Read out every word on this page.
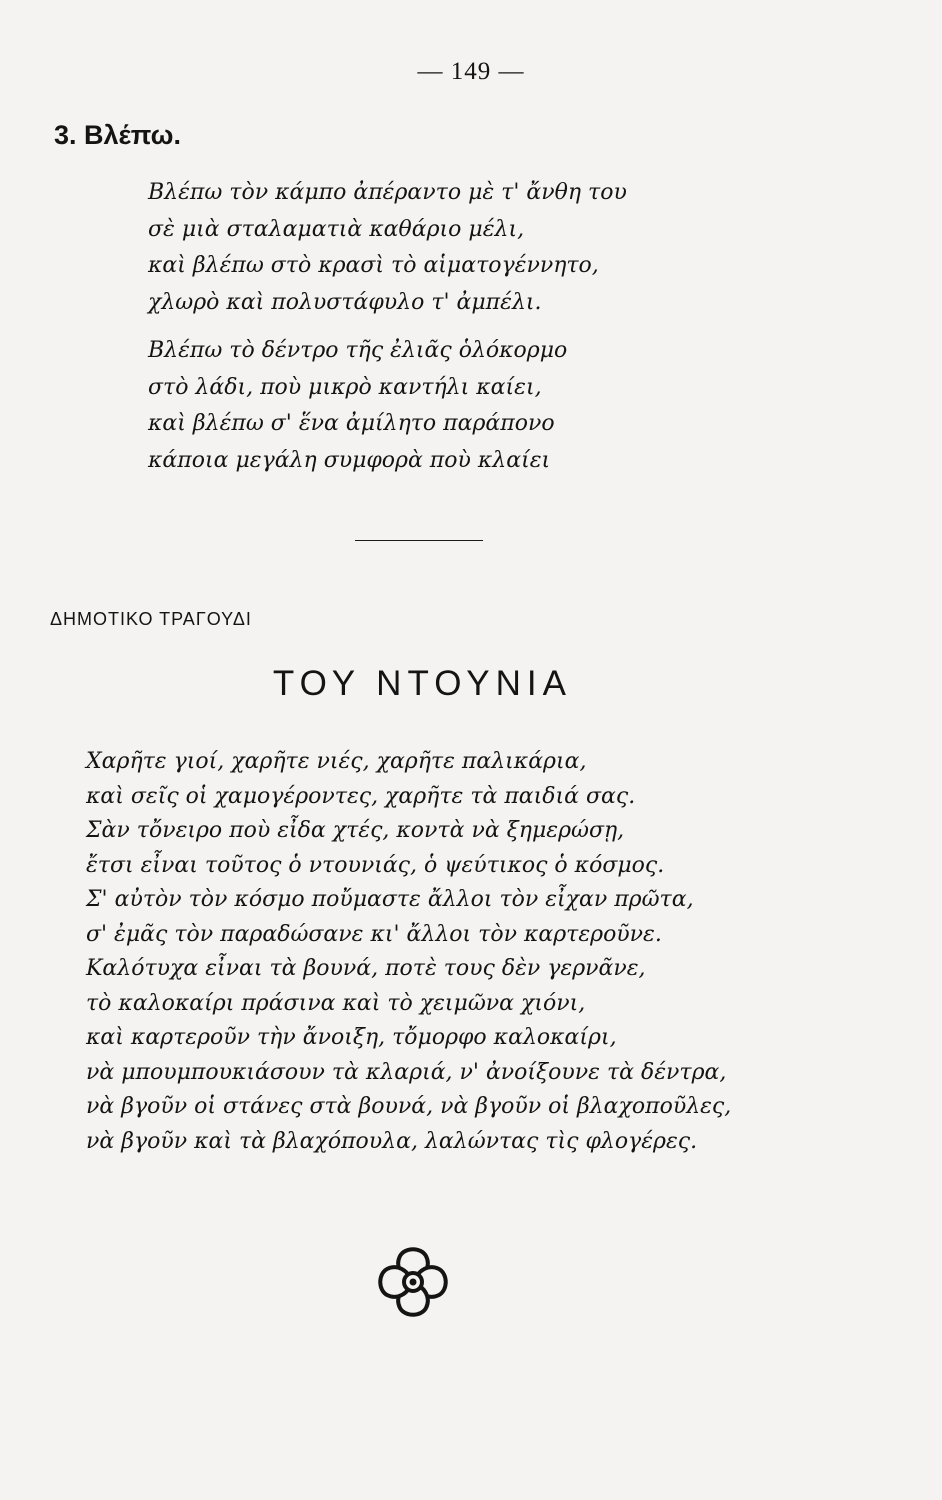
— 149 —
3. Βλέπω.
Βλέπω τὸν κάμπο ἀπέραντο μὲ τ' ἄνθη του
σὲ μιὰ σταλαματιὰ καθάριο μέλι,
καὶ βλέπω στὸ κρασὶ τὸ αἱματογέννητο,
χλωρὸ καὶ πολυστάφυλο τ' ἀμπέλι.
Βλέπω τὸ δέντρο τῆς ἐλιᾶς ὁλόκορμο
στὸ λάδι, ποὺ μικρὸ καντήλι καίει,
καὶ βλέπω σ' ἕνα ἀμίλητο παράπονο
κάποια μεγάλη συμφορὰ ποὺ κλαίει
ΔΗΜΟΤΙΚΟ ΤΡΑΓΟΥΔΙ
ΤΟΥ ΝΤΟΥΝΙΑ
Χαρῆτε γιοί, χαρῆτε νιές, χαρῆτε παλικάρια,
καὶ σεῖς οἱ χαμογέροντες, χαρῆτε τὰ παιδιά σας.
Σὰν τὄνειρο ποὺ εἶδα χτές, κοντὰ νὰ ξημερώσῃ,
ἔτσι εἶναι τοῦτος ὁ ντουνιάς, ὁ ψεύτικος ὁ κόσμος.
Σ' αὐτὸν τὸν κόσμο ποὔμαστε ἄλλοι τὸν εἶχαν πρῶτα,
σ' ἐμᾶς τὸν παραδώσανε κι' ἄλλοι τὸν καρτεροῦνε.
Καλότυχα εἶναι τὰ βουνά, ποτὲ τους δὲν γερνᾶνε,
τὸ καλοκαίρι πράσινα καὶ τὸ χειμῶνα χιόνι,
καὶ καρτεροῦν τὴν ἄνοιξη, τὄμορφο καλοκαίρι,
νὰ μπουμπουκιάσουν τὰ κλαριά, ν' ἀνοίξουνε τὰ δέντρα,
νὰ βγοῦν οἱ στάνες στὰ βουνά, νὰ βγοῦν οἱ βλαχοποῦλες,
νὰ βγοῦν καὶ τὰ βλαχόπουλα, λαλώντας τὶς φλογέρες.
